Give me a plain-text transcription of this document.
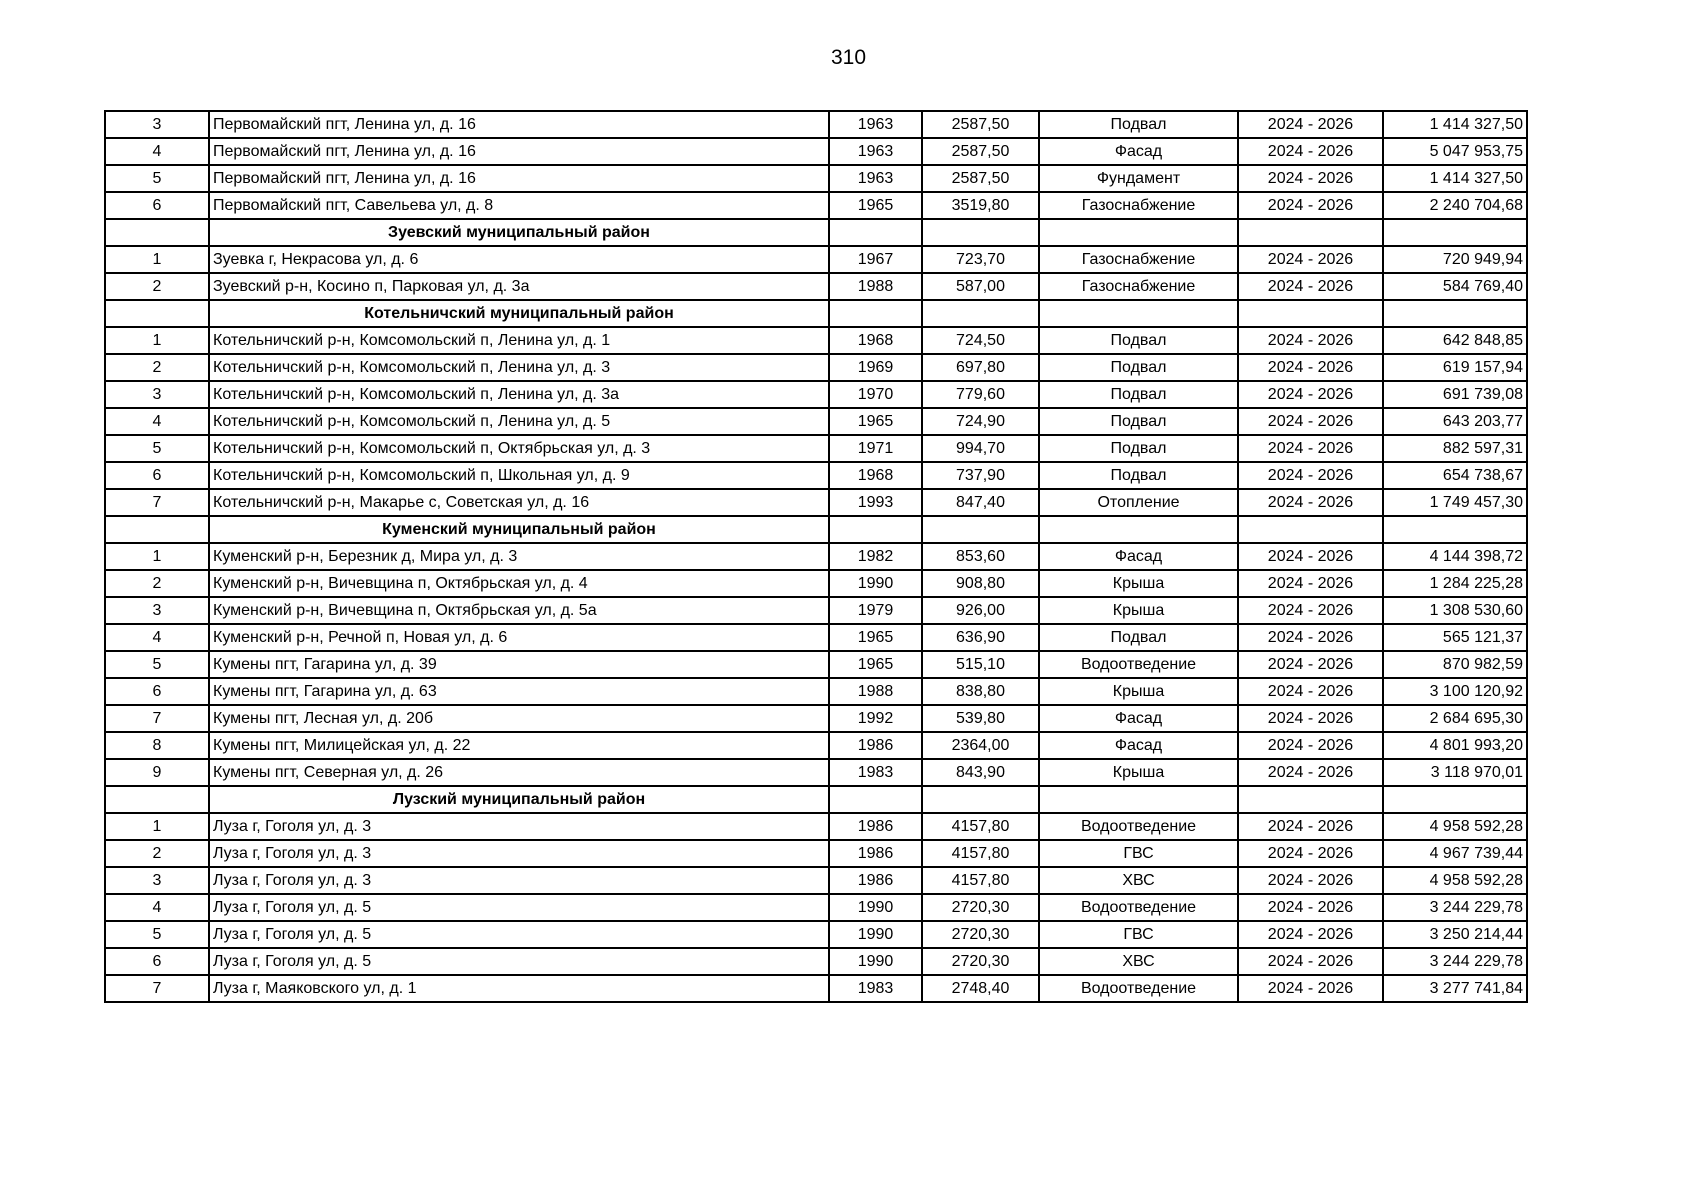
310
3	Первомайский пгт, Ленина ул, д. 16	1963	2587,50	Подвал	2024 - 2026	1 414 327,50
4	Первомайский пгт, Ленина ул, д. 16	1963	2587,50	Фасад	2024 - 2026	5 047 953,75
5	Первомайский пгт, Ленина ул, д. 16	1963	2587,50	Фундамент	2024 - 2026	1 414 327,50
6	Первомайский пгт, Савельева ул, д. 8	1965	3519,80	Газоснабжение	2024 - 2026	2 240 704,68
	Зуевский муниципальный район					
1	Зуевка г, Некрасова ул, д. 6	1967	723,70	Газоснабжение	2024 - 2026	720 949,94
2	Зуевский р-н, Косино п, Парковая ул, д. 3а	1988	587,00	Газоснабжение	2024 - 2026	584 769,40
	Котельничский муниципальный район					
1	Котельничский р-н, Комсомольский п, Ленина ул, д. 1	1968	724,50	Подвал	2024 - 2026	642 848,85
2	Котельничский р-н, Комсомольский п, Ленина ул, д. 3	1969	697,80	Подвал	2024 - 2026	619 157,94
3	Котельничский р-н, Комсомольский п, Ленина ул, д. 3а	1970	779,60	Подвал	2024 - 2026	691 739,08
4	Котельничский р-н, Комсомольский п, Ленина ул, д. 5	1965	724,90	Подвал	2024 - 2026	643 203,77
5	Котельничский р-н, Комсомольский п, Октябрьская ул, д. 3	1971	994,70	Подвал	2024 - 2026	882 597,31
6	Котельничский р-н, Комсомольский п, Школьная ул, д. 9	1968	737,90	Подвал	2024 - 2026	654 738,67
7	Котельничский р-н, Макарье с, Советская ул, д. 16	1993	847,40	Отопление	2024 - 2026	1 749 457,30
	Куменский муниципальный район					
1	Куменский р-н, Березник д, Мира ул, д. 3	1982	853,60	Фасад	2024 - 2026	4 144 398,72
2	Куменский р-н, Вичевщина п, Октябрьская ул, д. 4	1990	908,80	Крыша	2024 - 2026	1 284 225,28
3	Куменский р-н, Вичевщина п, Октябрьская ул, д. 5а	1979	926,00	Крыша	2024 - 2026	1 308 530,60
4	Куменский р-н, Речной п, Новая ул, д. 6	1965	636,90	Подвал	2024 - 2026	565 121,37
5	Кумены пгт, Гагарина ул, д. 39	1965	515,10	Водоотведение	2024 - 2026	870 982,59
6	Кумены пгт, Гагарина ул, д. 63	1988	838,80	Крыша	2024 - 2026	3 100 120,92
7	Кумены пгт, Лесная ул, д. 20б	1992	539,80	Фасад	2024 - 2026	2 684 695,30
8	Кумены пгт, Милицейская ул, д. 22	1986	2364,00	Фасад	2024 - 2026	4 801 993,20
9	Кумены пгт, Северная ул, д. 26	1983	843,90	Крыша	2024 - 2026	3 118 970,01
	Лузский муниципальный район					
1	Луза г, Гоголя ул, д. 3	1986	4157,80	Водоотведение	2024 - 2026	4 958 592,28
2	Луза г, Гоголя ул, д. 3	1986	4157,80	ГВС	2024 - 2026	4 967 739,44
3	Луза г, Гоголя ул, д. 3	1986	4157,80	ХВС	2024 - 2026	4 958 592,28
4	Луза г, Гоголя ул, д. 5	1990	2720,30	Водоотведение	2024 - 2026	3 244 229,78
5	Луза г, Гоголя ул, д. 5	1990	2720,30	ГВС	2024 - 2026	3 250 214,44
6	Луза г, Гоголя ул, д. 5	1990	2720,30	ХВС	2024 - 2026	3 244 229,78
7	Луза г, Маяковского ул, д. 1	1983	2748,40	Водоотведение	2024 - 2026	3 277 741,84
